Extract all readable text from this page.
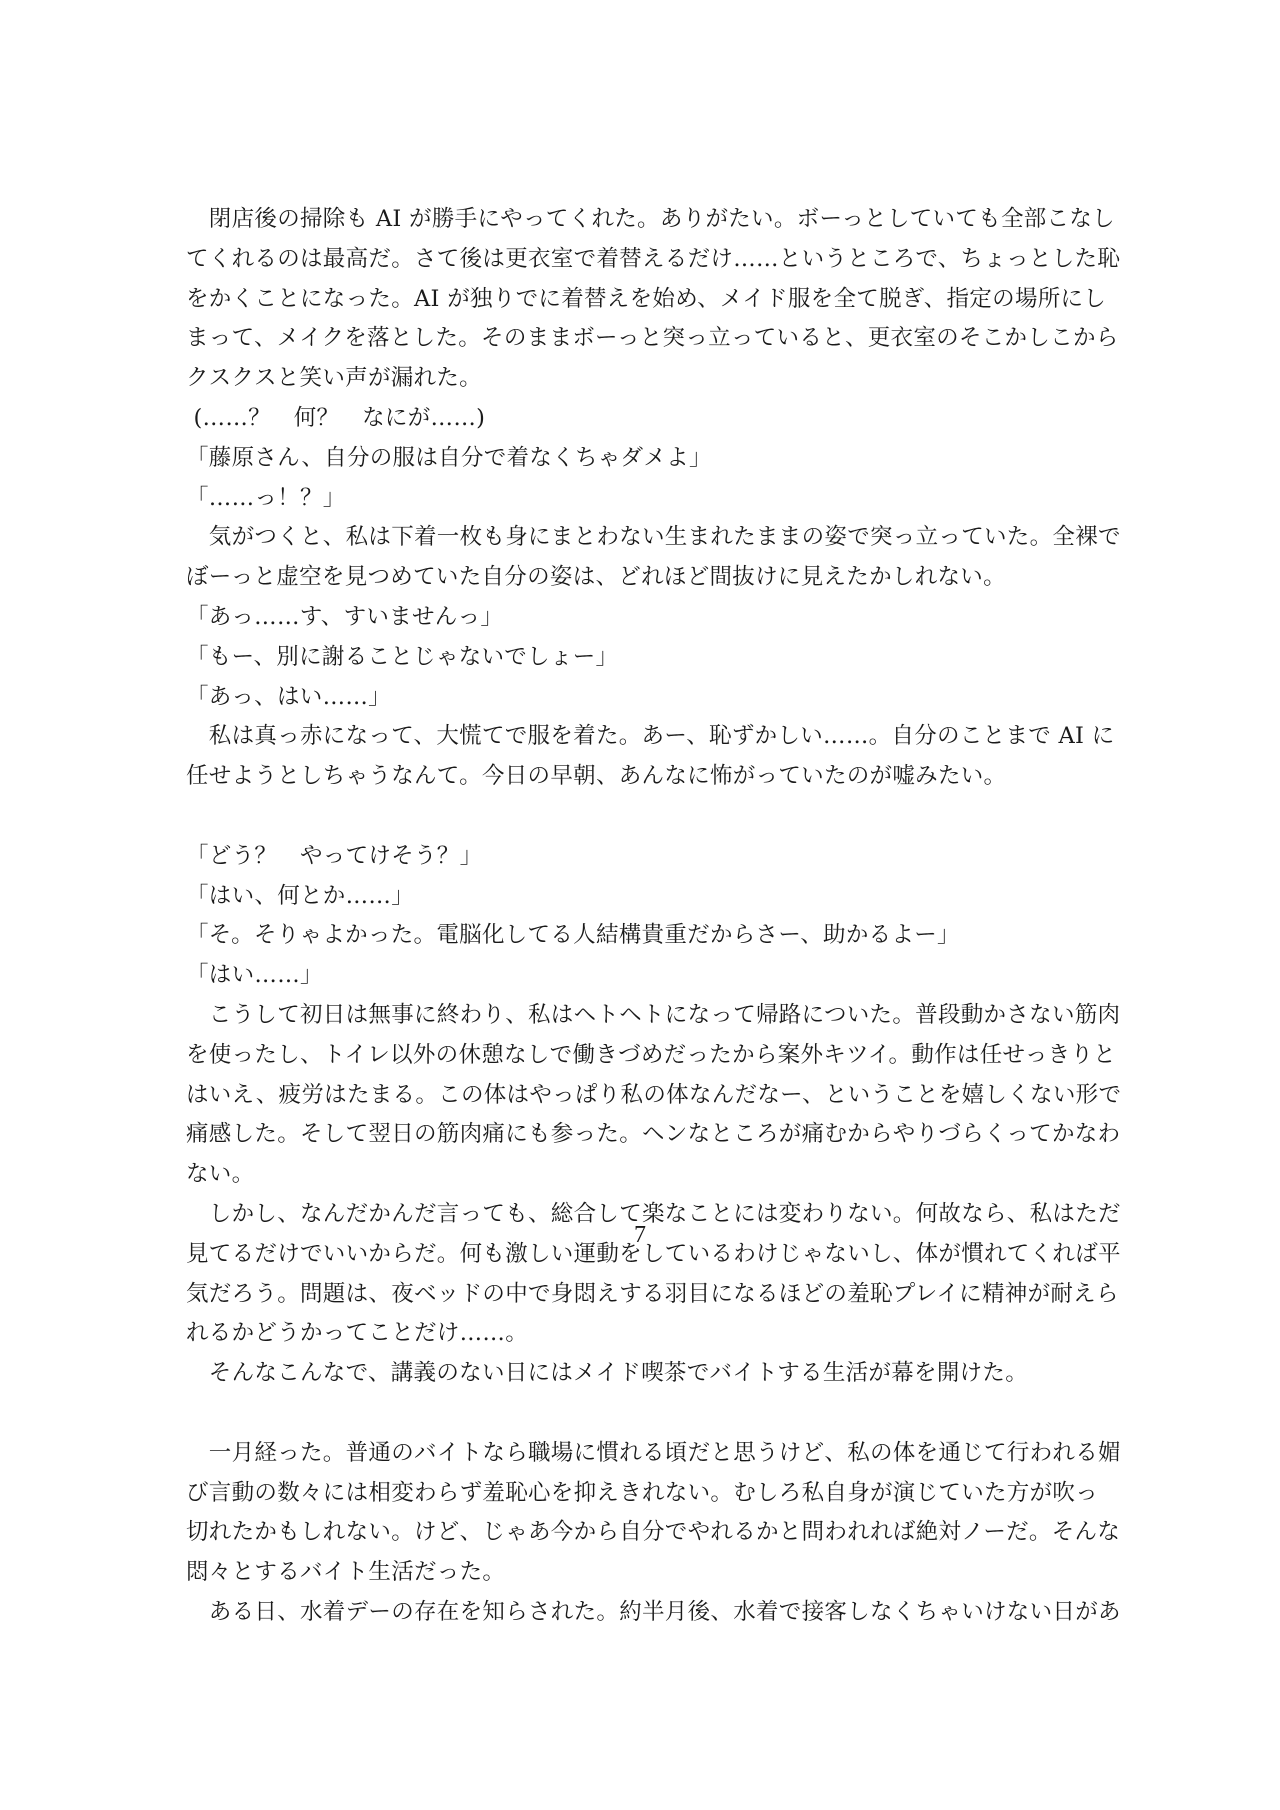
　閉店後の掃除も AI が勝手にやってくれた。ありがたい。ボーっとしていても全部こなし
てくれるのは最高だ。さて後は更衣室で着替えるだけ……というところで、ちょっとした恥
をかくことになった。AI が独りでに着替えを始め、メイド服を全て脱ぎ、指定の場所にし
まって、メイクを落とした。そのままボーっと突っ立っていると、更衣室のそこかしこから
クスクスと笑い声が漏れた。
(……？　何？　なにが……)
「藤原さん、自分の服は自分で着なくちゃダメよ」
「……っ！？」
　気がつくと、私は下着一枚も身にまとわない生まれたままの姿で突っ立っていた。全裸で
ぼーっと虚空を見つめていた自分の姿は、どれほど間抜けに見えたかしれない。
「あっ……す、すいませんっ」
「もー、別に謝ることじゃないでしょー」
「あっ、はい……」
　私は真っ赤になって、大慌てで服を着た。あー、恥ずかしい……。自分のことまで AI に
任せようとしちゃうなんて。今日の早朝、あんなに怖がっていたのが嘘みたい。
「どう？　やってけそう？」
「はい、何とか……」
「そ。そりゃよかった。電脳化してる人結構貴重だからさー、助かるよー」
「はい……」
　こうして初日は無事に終わり、私はヘトヘトになって帰路についた。普段動かさない筋肉
を使ったし、トイレ以外の休憩なしで働きづめだったから案外キツイ。動作は任せっきりと
はいえ、疲労はたまる。この体はやっぱり私の体なんだなー、ということを嬉しくない形で
痛感した。そして翌日の筋肉痛にも参った。ヘンなところが痛むからやりづらくってかなわ
ない。
　しかし、なんだかんだ言っても、総合して楽なことには変わりない。何故なら、私はただ
見てるだけでいいからだ。何も激しい運動をしているわけじゃないし、体が慣れてくれば平
気だろう。問題は、夜ベッドの中で身悶えする羽目になるほどの羞恥プレイに精神が耐えら
れるかどうかってことだけ……。
　そんなこんなで、講義のない日にはメイド喫茶でバイトする生活が幕を開けた。
　一月経った。普通のバイトなら職場に慣れる頃だと思うけど、私の体を通じて行われる媚
び言動の数々には相変わらず羞恥心を抑えきれない。むしろ私自身が演じていた方が吹っ
切れたかもしれない。けど、じゃあ今から自分でやれるかと問われれば絶対ノーだ。そんな
悶々とするバイト生活だった。
　ある日、水着デーの存在を知らされた。約半月後、水着で接客しなくちゃいけない日があ
7
